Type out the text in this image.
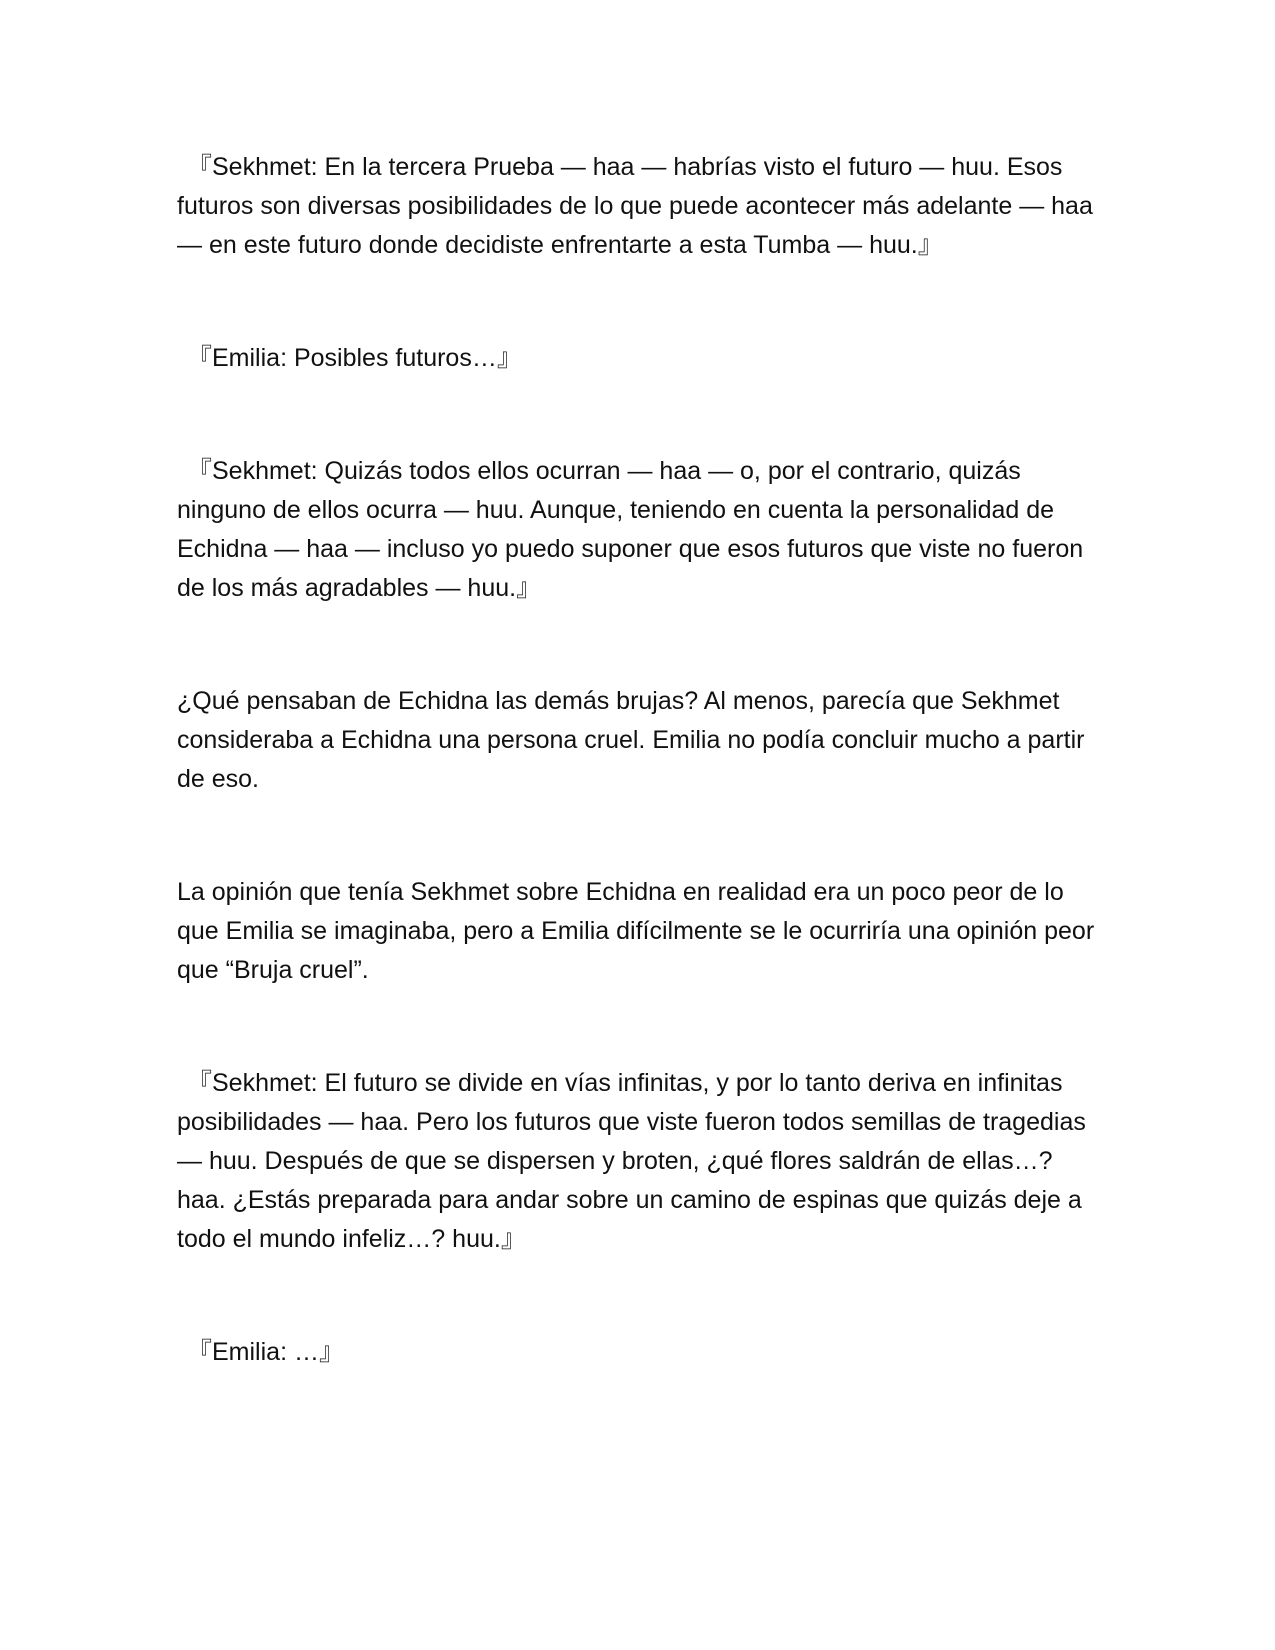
『Sekhmet: En la tercera Prueba — haa — habrías visto el futuro — huu. Esos futuros son diversas posibilidades de lo que puede acontecer más adelante — haa — en este futuro donde decidiste enfrentarte a esta Tumba — huu.』

『Emilia: Posibles futuros…』

『Sekhmet: Quizás todos ellos ocurran — haa — o, por el contrario, quizás ninguno de ellos ocurra — huu. Aunque, teniendo en cuenta la personalidad de Echidna — haa — incluso yo puedo suponer que esos futuros que viste no fueron de los más agradables — huu.』

¿Qué pensaban de Echidna las demás brujas? Al menos, parecía que Sekhmet consideraba a Echidna una persona cruel. Emilia no podía concluir mucho a partir de eso.

La opinión que tenía Sekhmet sobre Echidna en realidad era un poco peor de lo que Emilia se imaginaba, pero a Emilia difícilmente se le ocurriría una opinión peor que “Bruja cruel”.

『Sekhmet: El futuro se divide en vías infinitas, y por lo tanto deriva en infinitas posibilidades — haa. Pero los futuros que viste fueron todos semillas de tragedias — huu. Después de que se dispersen y broten, ¿qué flores saldrán de ellas…? haa. ¿Estás preparada para andar sobre un camino de espinas que quizás deje a todo el mundo infeliz…? huu.』

『Emilia: …』
